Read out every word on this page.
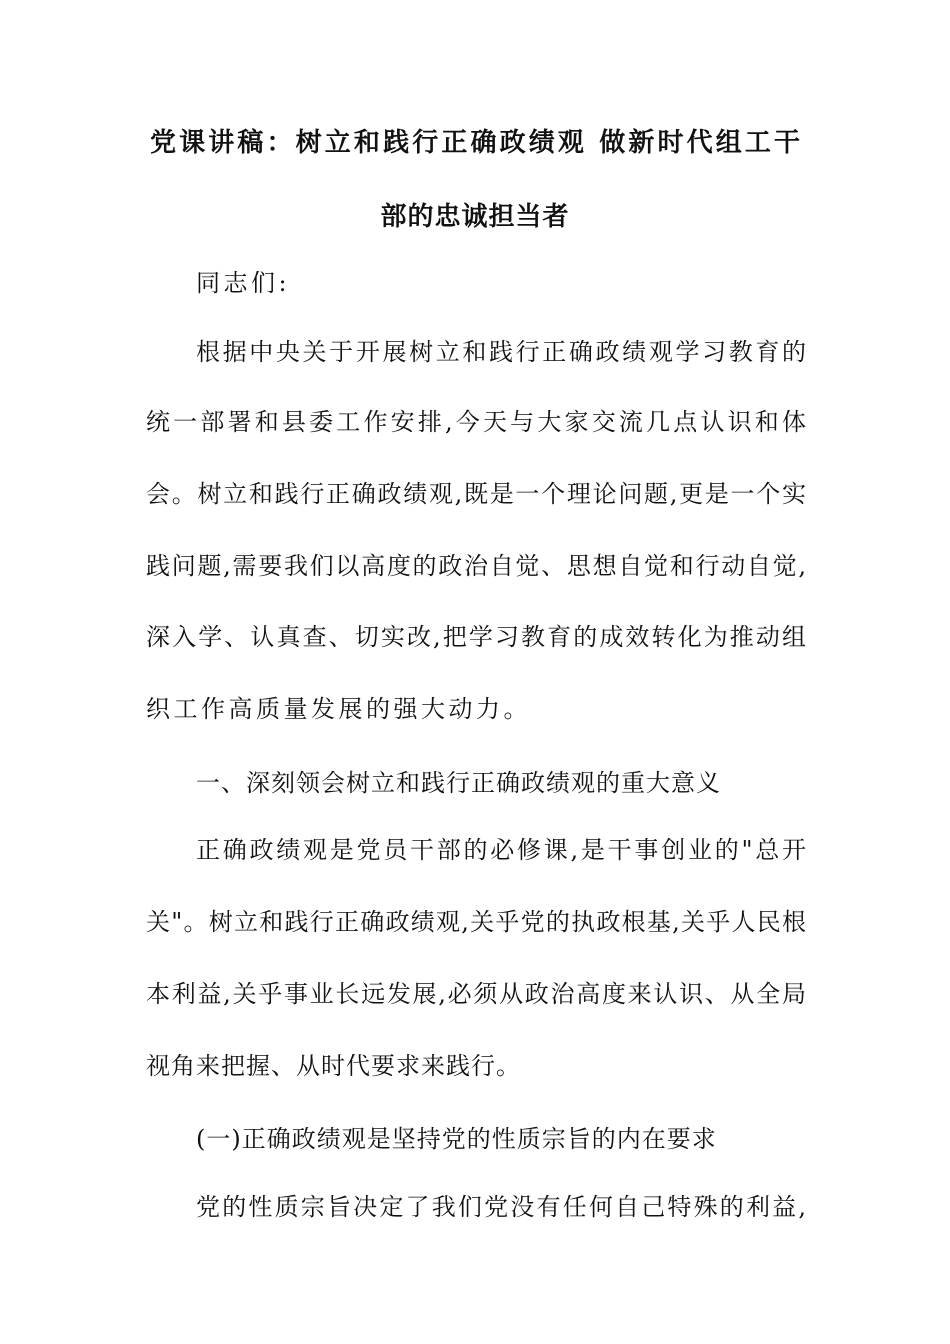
党课讲稿：树立和践行正确政绩观 做新时代组工干
部的忠诚担当者
同志们:
根据中央关于开展树立和践行正确政绩观学习教育的
统一部署和县委工作安排,今天与大家交流几点认识和体
会。树立和践行正确政绩观,既是一个理论问题,更是一个实
践问题,需要我们以高度的政治自觉、思想自觉和行动自觉,
深入学、认真查、切实改,把学习教育的成效转化为推动组
织工作高质量发展的强大动力。
一、深刻领会树立和践行正确政绩观的重大意义
正确政绩观是党员干部的必修课,是干事创业的"总开
关"。树立和践行正确政绩观,关乎党的执政根基,关乎人民根
本利益,关乎事业长远发展,必须从政治高度来认识、从全局
视角来把握、从时代要求来践行。
(一)正确政绩观是坚持党的性质宗旨的内在要求
党的性质宗旨决定了我们党没有任何自己特殊的利益,
